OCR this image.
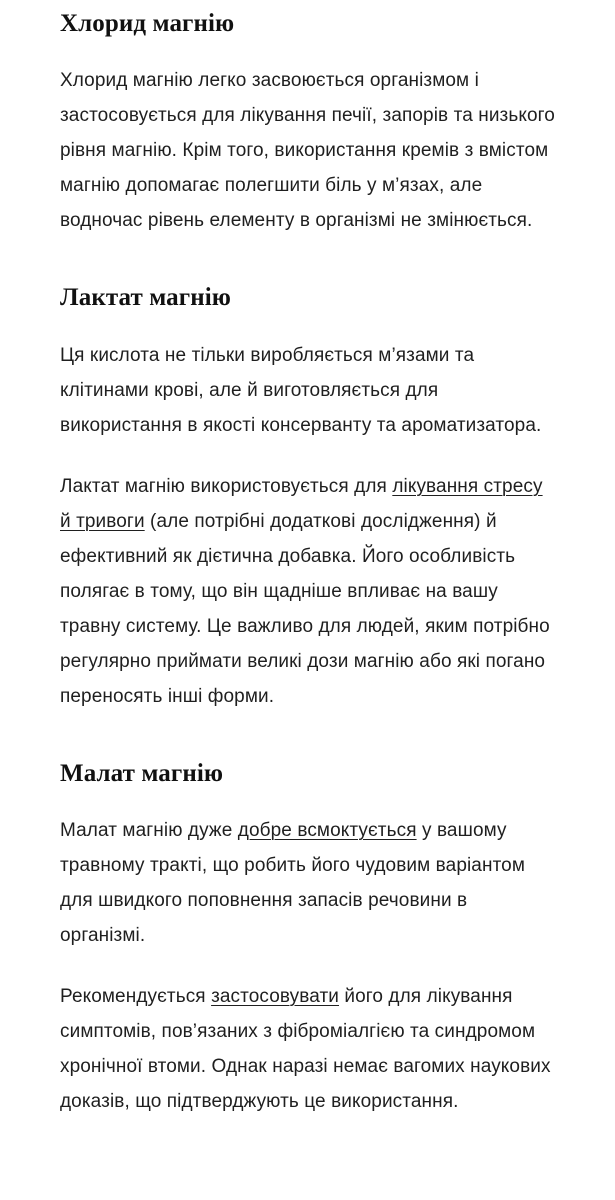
Хлорид магнію

Хлорид магнію легко засвоюється організмом і застосовується для лікування печії, запорів та низького рівня магнію. Крім того, використання кремів з вмістом магнію допомагає полегшити біль у м’язах, але водночас рівень елементу в організмі не змінюється.

Лактат магнію

Ця кислота не тільки виробляється м’язами та клітинами крові, але й виготовляється для використання в якості консерванту та ароматизатора.

Лактат магнію використовується для лікування стресу й тривоги (але потрібні додаткові дослідження) й ефективний як дієтична добавка. Його особливість полягає в тому, що він щадніше впливає на вашу травну систему. Це важливо для людей, яким потрібно регулярно приймати великі дози магнію або які погано переносять інші форми.

Малат магнію

Малат магнію дуже добре всмоктується у вашому травному тракті, що робить його чудовим варіантом для швидкого поповнення запасів речовини в організмі.

Рекомендується застосовувати його для лікування симптомів, пов’язаних з фіброміалгією та синдромом хронічної втоми. Однак наразі немає вагомих наукових доказів, що підтверджують це використання.
